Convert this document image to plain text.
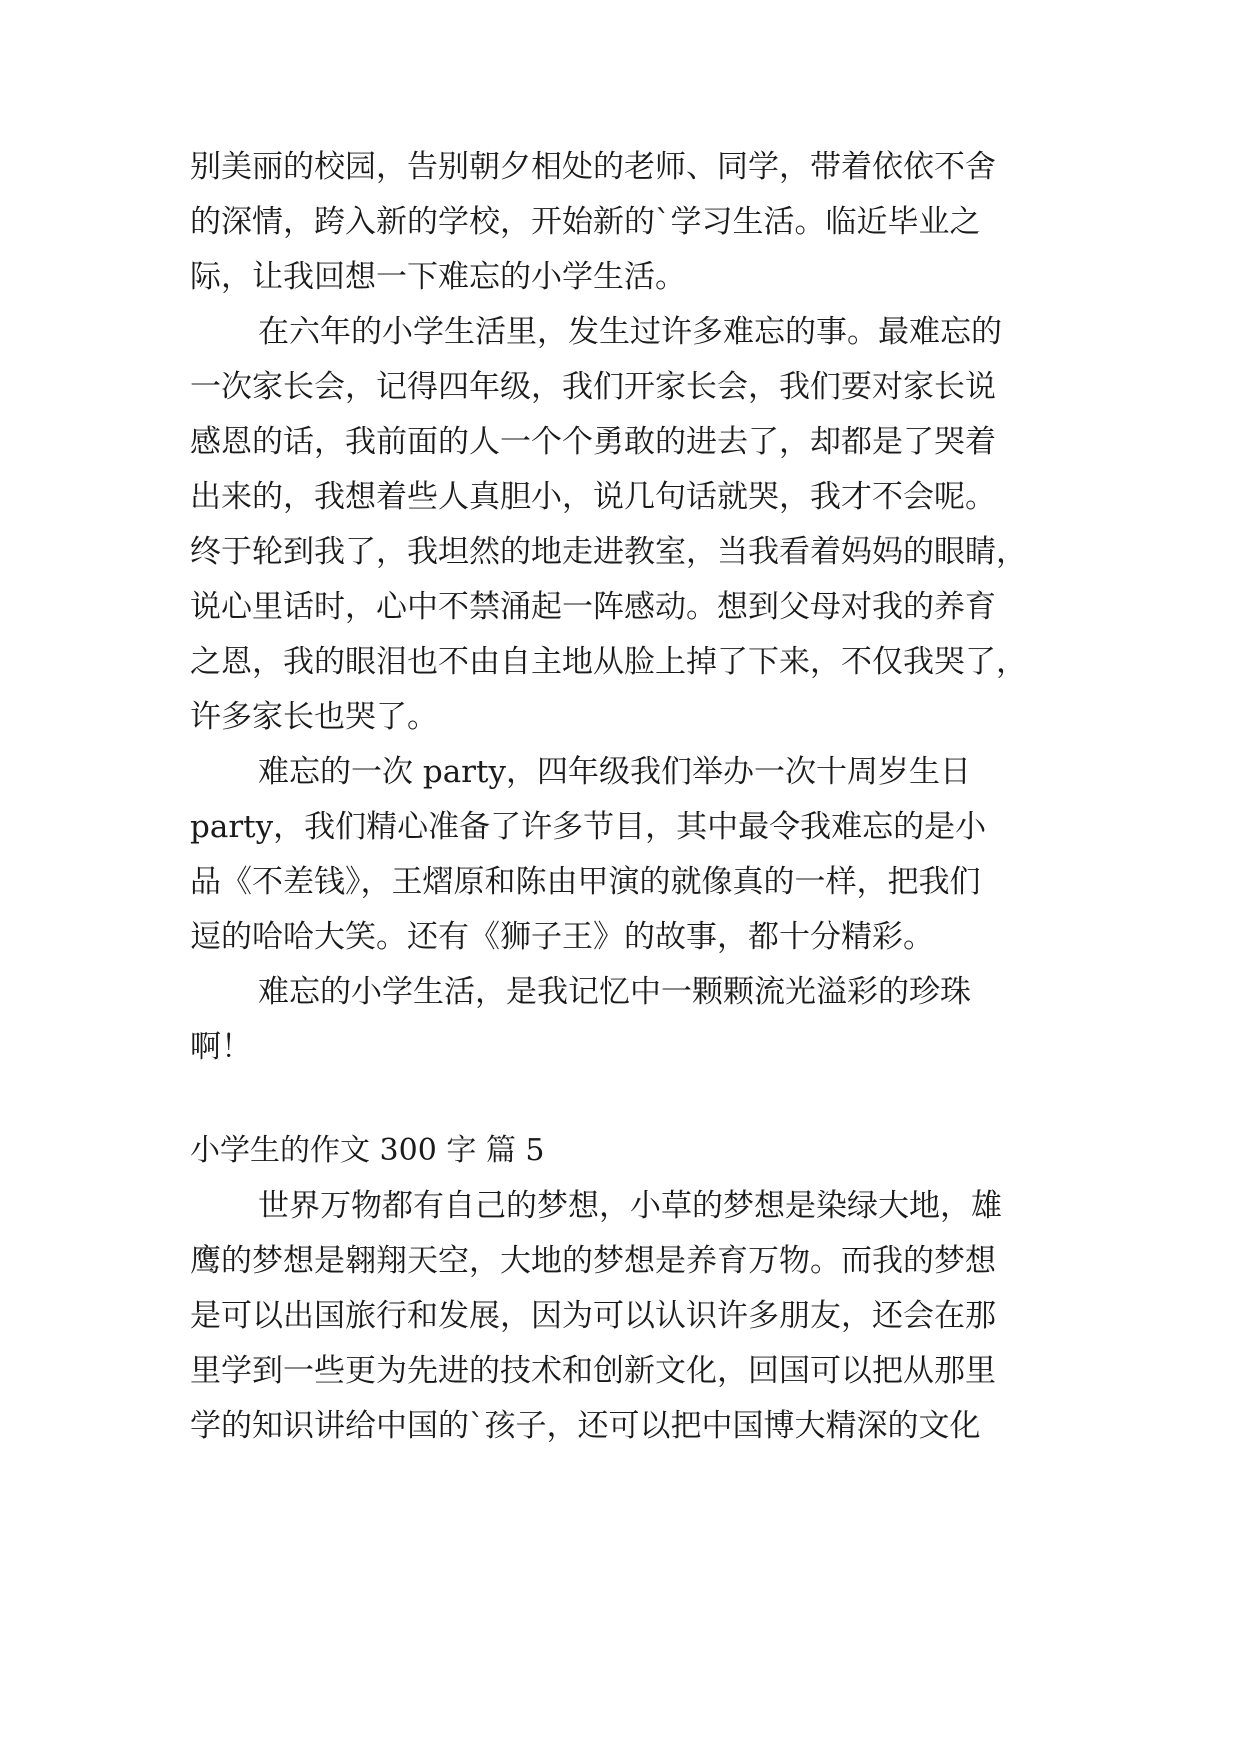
别美丽的校园，告别朝夕相处的老师、同学，带着依依不舍
的深情，跨入新的学校，开始新的`学习生活。临近毕业之
际，让我回想一下难忘的小学生活。
在六年的小学生活里，发生过许多难忘的事。最难忘的
一次家长会，记得四年级，我们开家长会，我们要对家长说
感恩的话，我前面的人一个个勇敢的进去了，却都是了哭着
出来的，我想着些人真胆小，说几句话就哭，我才不会呢。
终于轮到我了，我坦然的地走进教室，当我看着妈妈的眼睛，
说心里话时，心中不禁涌起一阵感动。想到父母对我的养育
之恩，我的眼泪也不由自主地从脸上掉了下来，不仅我哭了，
许多家长也哭了。
难忘的一次 party，四年级我们举办一次十周岁生日
party，我们精心准备了许多节目，其中最令我难忘的是小
品《不差钱》，王熠原和陈由甲演的就像真的一样，把我们
逗的哈哈大笑。还有《狮子王》的故事，都十分精彩。
难忘的小学生活，是我记忆中一颗颗流光溢彩的珍珠
啊！
小学生的作文 300 字 篇 5
世界万物都有自己的梦想，小草的梦想是染绿大地，雄
鹰的梦想是翱翔天空，大地的梦想是养育万物。而我的梦想
是可以出国旅行和发展，因为可以认识许多朋友，还会在那
里学到一些更为先进的技术和创新文化，回国可以把从那里
学的知识讲给中国的`孩子，还可以把中国博大精深的文化
